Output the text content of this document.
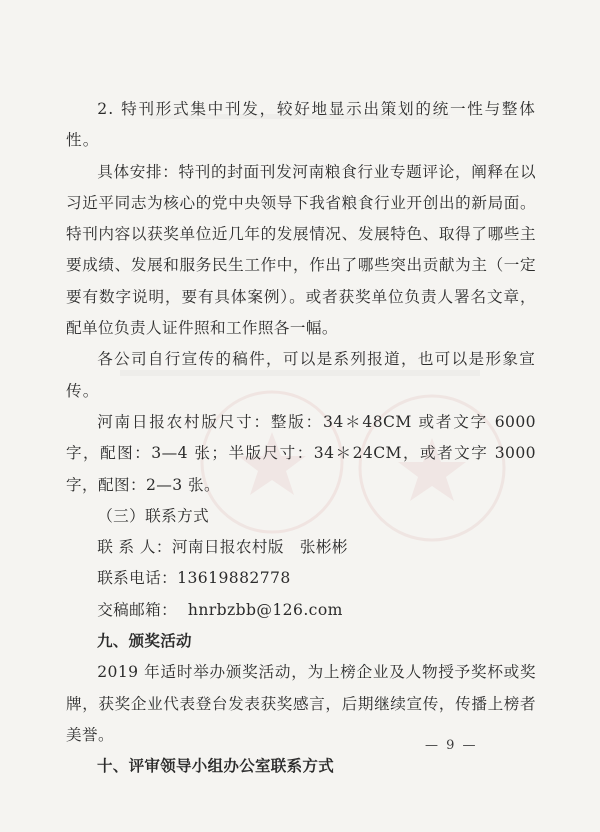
2. 特刊形式集中刊发，较好地显示出策划的统一性与整体性。

具体安排：特刊的封面刊发河南粮食行业专题评论，阐释在以习近平同志为核心的党中央领导下我省粮食行业开创出的新局面。特刊内容以获奖单位近几年的发展情况、发展特色、取得了哪些主要成绩、发展和服务民生工作中，作出了哪些突出贡献为主（一定要有数字说明，要有具体案例）。或者获奖单位负责人署名文章，配单位负责人证件照和工作照各一幅。

各公司自行宣传的稿件，可以是系列报道，也可以是形象宣传。

河南日报农村版尺寸：整版：34＊48CM 或者文字 6000 字，配图：3—4 张；半版尺寸：34＊24CM，或者文字 3000 字，配图：2—3 张。

（三）联系方式

联 系 人：河南日报农村版   张彬彬

联系电话：13619882778

交稿邮箱：  hnrbzbb@126.com

九、颁奖活动

2019 年适时举办颁奖活动，为上榜企业及人物授予奖杯或奖牌，获奖企业代表登台发表获奖感言，后期继续宣传，传播上榜者美誉。

十、评审领导小组办公室联系方式

— 9 —
